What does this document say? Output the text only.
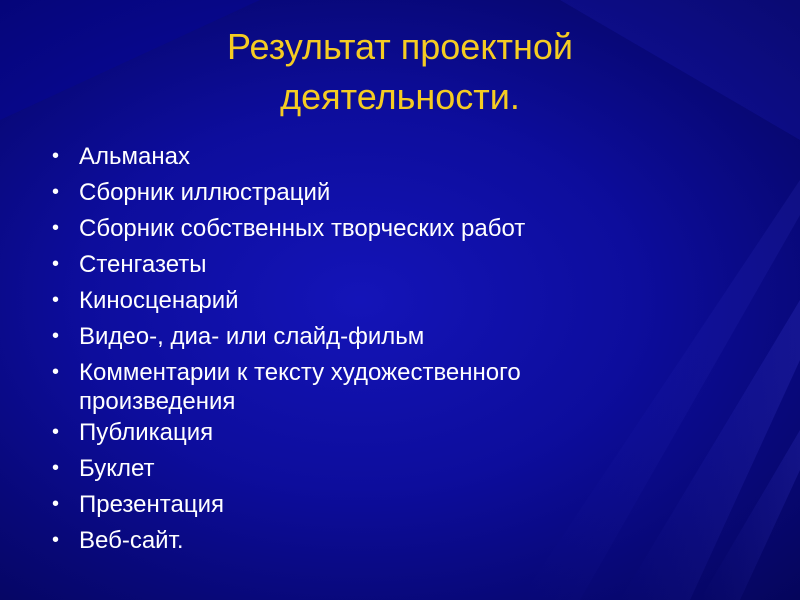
Результат проектной
деятельности.
• Альманах
• Сборник иллюстраций
• Сборник собственных творческих работ
• Стенгазеты
• Киносценарий
• Видео-, диа- или слайд-фильм
• Комментарии к тексту художественного произведения
• Публикация
• Буклет
• Презентация
• Веб-сайт.
